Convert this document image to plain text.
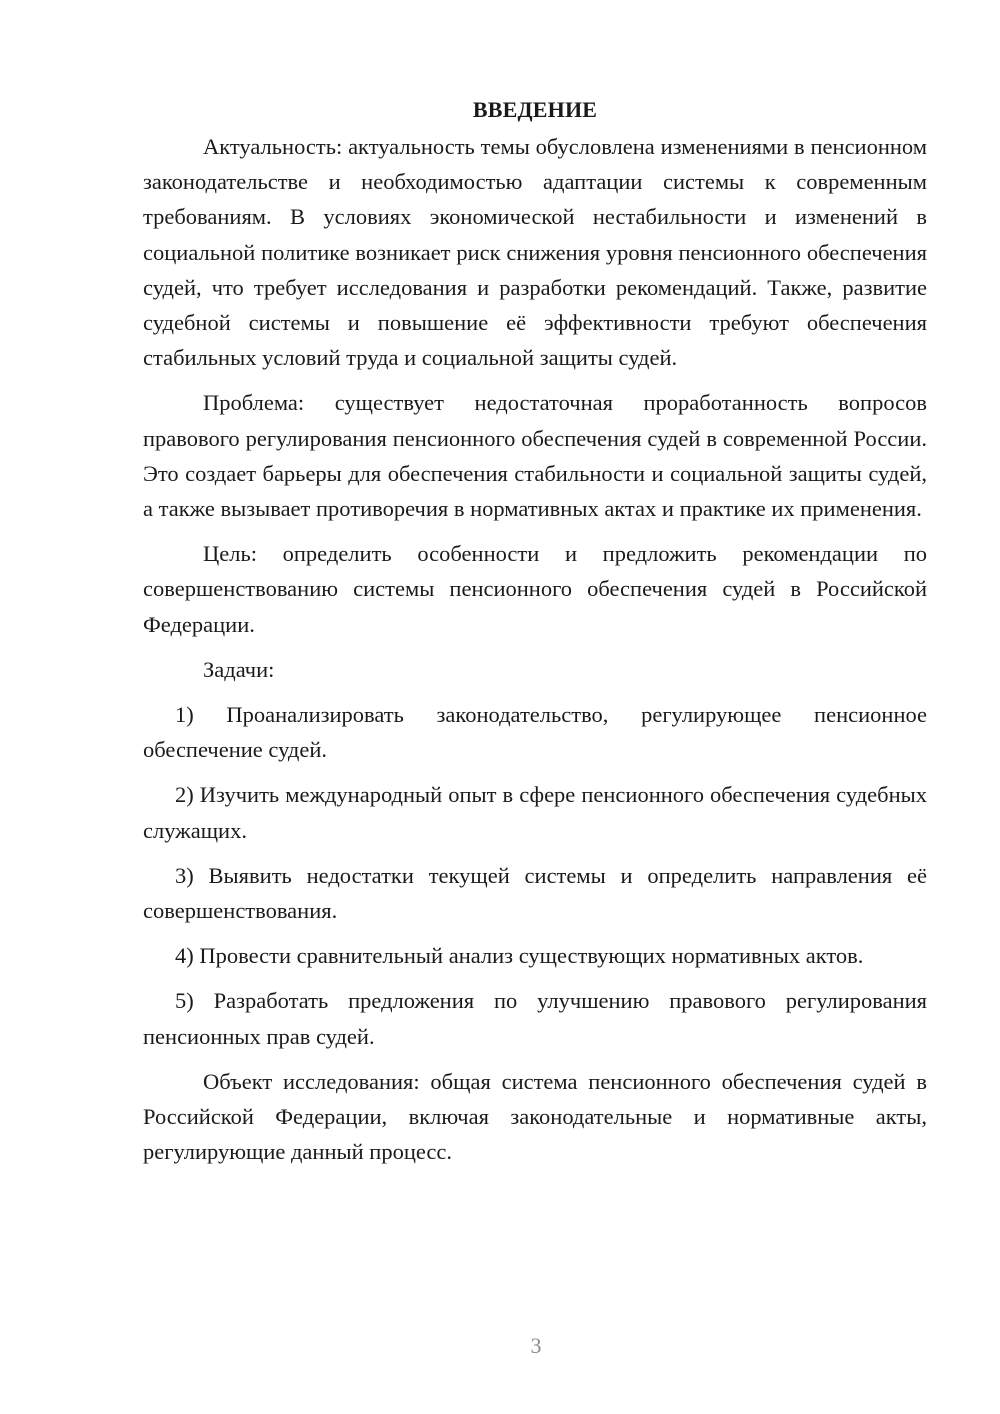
ВВЕДЕНИЕ

Актуальность: актуальность темы обусловлена изменениями в пенсионном законодательстве и необходимостью адаптации системы к современным требованиям. В условиях экономической нестабильности и изменений в социальной политике возникает риск снижения уровня пенсионного обеспечения судей, что требует исследования и разработки рекомендаций. Также, развитие судебной системы и повышение её эффективности требуют обеспечения стабильных условий труда и социальной защиты судей.

Проблема: существует недостаточная проработанность вопросов правового регулирования пенсионного обеспечения судей в современной России. Это создает барьеры для обеспечения стабильности и социальной защиты судей, а также вызывает противоречия в нормативных актах и практике их применения.

Цель: определить особенности и предложить рекомендации по совершенствованию системы пенсионного обеспечения судей в Российской Федерации.

Задачи:

1) Проанализировать законодательство, регулирующее пенсионное обеспечение судей.

2) Изучить международный опыт в сфере пенсионного обеспечения судебных служащих.

3) Выявить недостатки текущей системы и определить направления её совершенствования.

4) Провести сравнительный анализ существующих нормативных актов.

5) Разработать предложения по улучшению правового регулирования пенсионных прав судей.

Объект исследования: общая система пенсионного обеспечения судей в Российской Федерации, включая законодательные и нормативные акты, регулирующие данный процесс.

3
